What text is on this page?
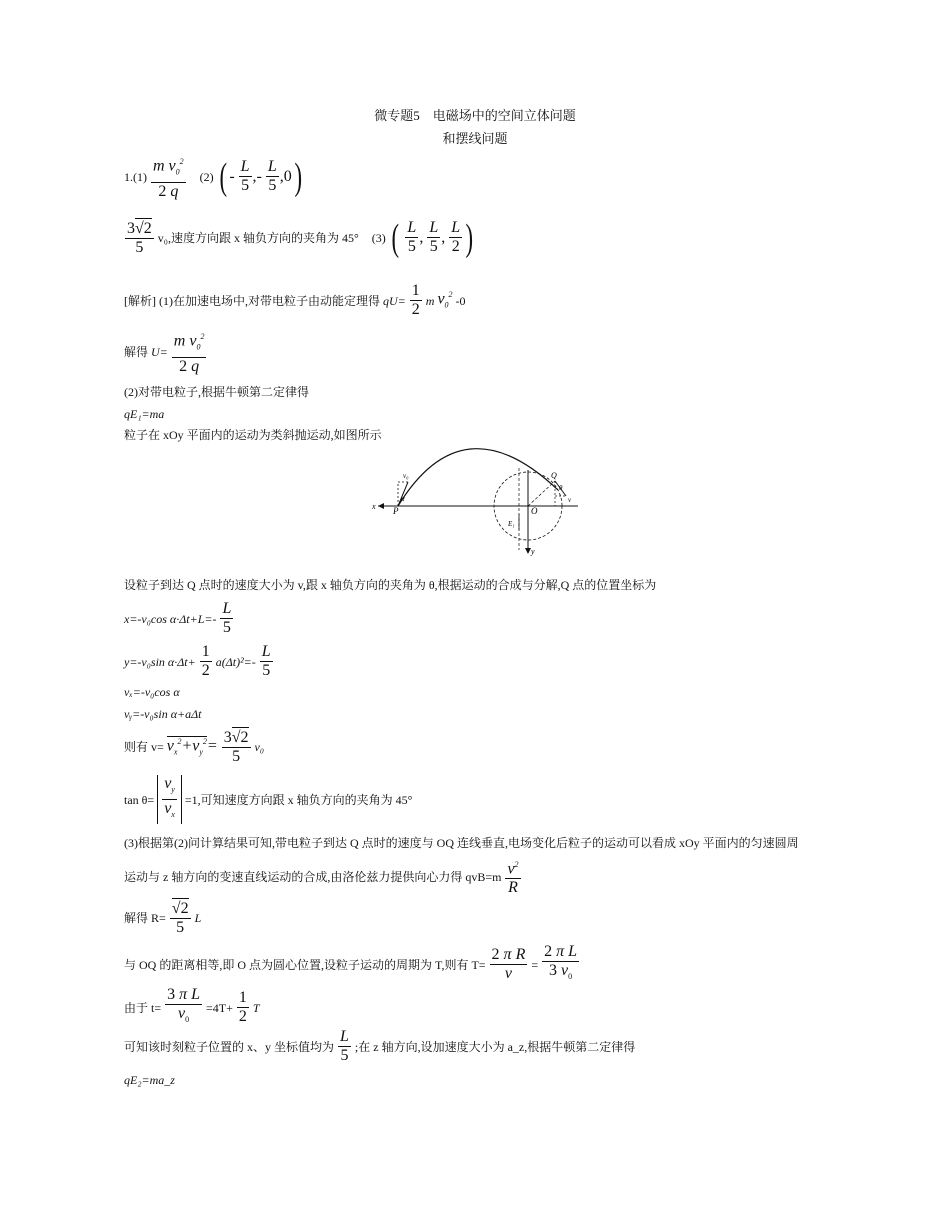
微专题5　电磁场中的空间立体问题
和摆线问题
$1.(1) \frac{m v_0^2}{2 q} (2)$ ( - $\frac{L}{5}$ ,- $\frac{L}{5} ,0$)
$\frac{3√2}{5} v_0$,速度方向跟 x 轴负方向的夹角为 45° (3) ( $\frac{L}{5}$ , $\frac{L}{5}$ , $\frac{L}{2}$ )
[解析] (1)在加速电场中,对带电粒子由动能定理得 $qU= \frac{1}{2}$ m $v_0^2$ -0
解得 $U= \frac{m v_0^2}{2 q}$
(2)对带电粒子,根据牛顿第二定律得
qE₁=ma
粒子在 xOy 平面内的运动为类斜抛运动,如图所示
x
y
P
v₀
α
O
E₁
Q
v
θ
设粒子到达 Q 点时的速度大小为 v,跟 x 轴负方向的夹角为 θ,根据运动的合成与分解,Q 点的位置坐标为
x=-v₀cos $\alpha\cdot\Delta t+L=- \frac{L}{5}$
y=-v₀sin $\alpha\cdot\Delta t+ \frac{1}{2} a(\Delta t)^2=- \frac{L}{5}$
vₓ=-v₀cos α
vᵧ=-v₀sin α+aΔt
则有 $v= v_x^2+v_y^2= \frac{3√2}{5} v_0$
$\tan \theta= \frac{v_y}{v_x} =1$,可知速度方向跟 x 轴负方向的夹角为 45°
(3)根据第(2)问计算结果可知,带电粒子到达 Q 点时的速度与 OQ 连线垂直,电场变化后粒子的运动可以看成 xOy 平面内的匀速圆周
运动与 z 轴方向的变速直线运动的合成,由洛伦兹力提供向心力得 $qvB=m \frac{v^2}{R}$
解得 $R= \frac{√2}{5}$ L
与 OQ 的距离相等,即 O 点为圆心位置,设粒子运动的周期为 T,则有 $T= \frac{\text{2 π R}}{v} = \frac{\text{2 π L}}{3 v_0}$
由于 $t= \frac{\text{3 π L}}{v_0} =4T+ \frac{1}{2}$ T
可知该时刻粒子位置的 x、y 坐标值均为 $\frac{L}{5}$ ;在 z 轴方向,设加速度大小为 a_z,根据牛顿第二定律得
qE₂=ma_z
